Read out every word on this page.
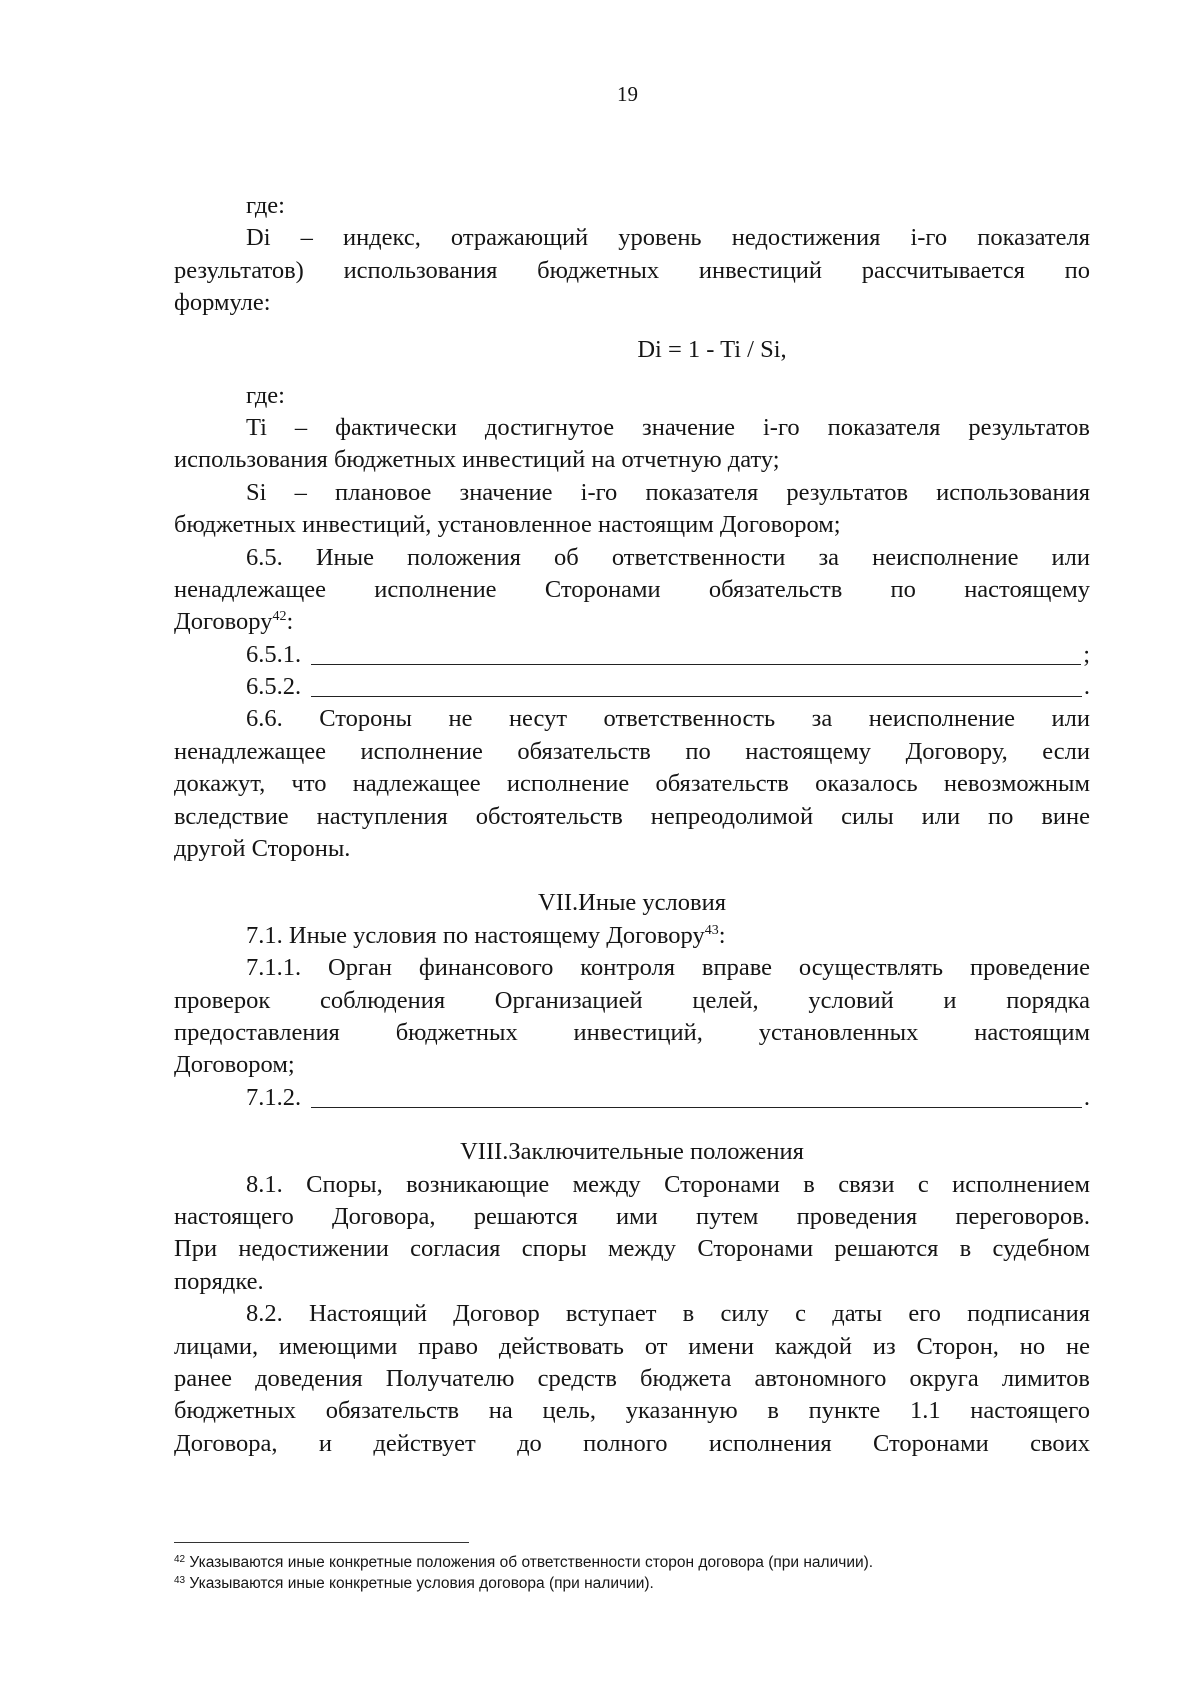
19
где:
Di – индекс, отражающий уровень недостижения i-го показателя
результатов) использования бюджетных инвестиций рассчитывается по
формуле:
Di = 1 - Ti / Si,
где:
Ti – фактически достигнутое значение i-го показателя результатов
использования бюджетных инвестиций на отчетную дату;
Si – плановое значение i-го показателя результатов использования
бюджетных инвестиций, установленное настоящим Договором;
6.5. Иные положения об ответственности за неисполнение или
ненадлежащее исполнение Сторонами обязательств по настоящему
Договору$^{42}$:
6.5.1.	;
6.5.2.	.
6.6. Стороны не несут ответственность за неисполнение или
ненадлежащее исполнение обязательств по настоящему Договору, если
докажут, что надлежащее исполнение обязательств оказалось невозможным
вследствие наступления обстоятельств непреодолимой силы или по вине
другой Стороны.
VII.Иные условия
7.1. Иные условия по настоящему Договору$^{43}$:
7.1.1. Орган финансового контроля вправе осуществлять проведение
проверок соблюдения Организацией целей, условий и порядка
предоставления бюджетных инвестиций, установленных настоящим
Договором;
7.1.2.	.
VIII.Заключительные положения
8.1. Споры, возникающие между Сторонами в связи с исполнением
настоящего Договора, решаются ими путем проведения переговоров.
При недостижении согласия споры между Сторонами решаются в судебном
порядке.
8.2. Настоящий Договор вступает в силу с даты его подписания
лицами, имеющими право действовать от имени каждой из Сторон, но не
ранее доведения Получателю средств бюджета автономного округа лимитов
бюджетных обязательств на цель, указанную в пункте 1.1 настоящего
Договора, и действует до полного исполнения Сторонами своих
$^{42}$ Указываются иные конкретные положения об ответственности сторон договора (при наличии).
$^{43}$ Указываются иные конкретные условия договора (при наличии).
